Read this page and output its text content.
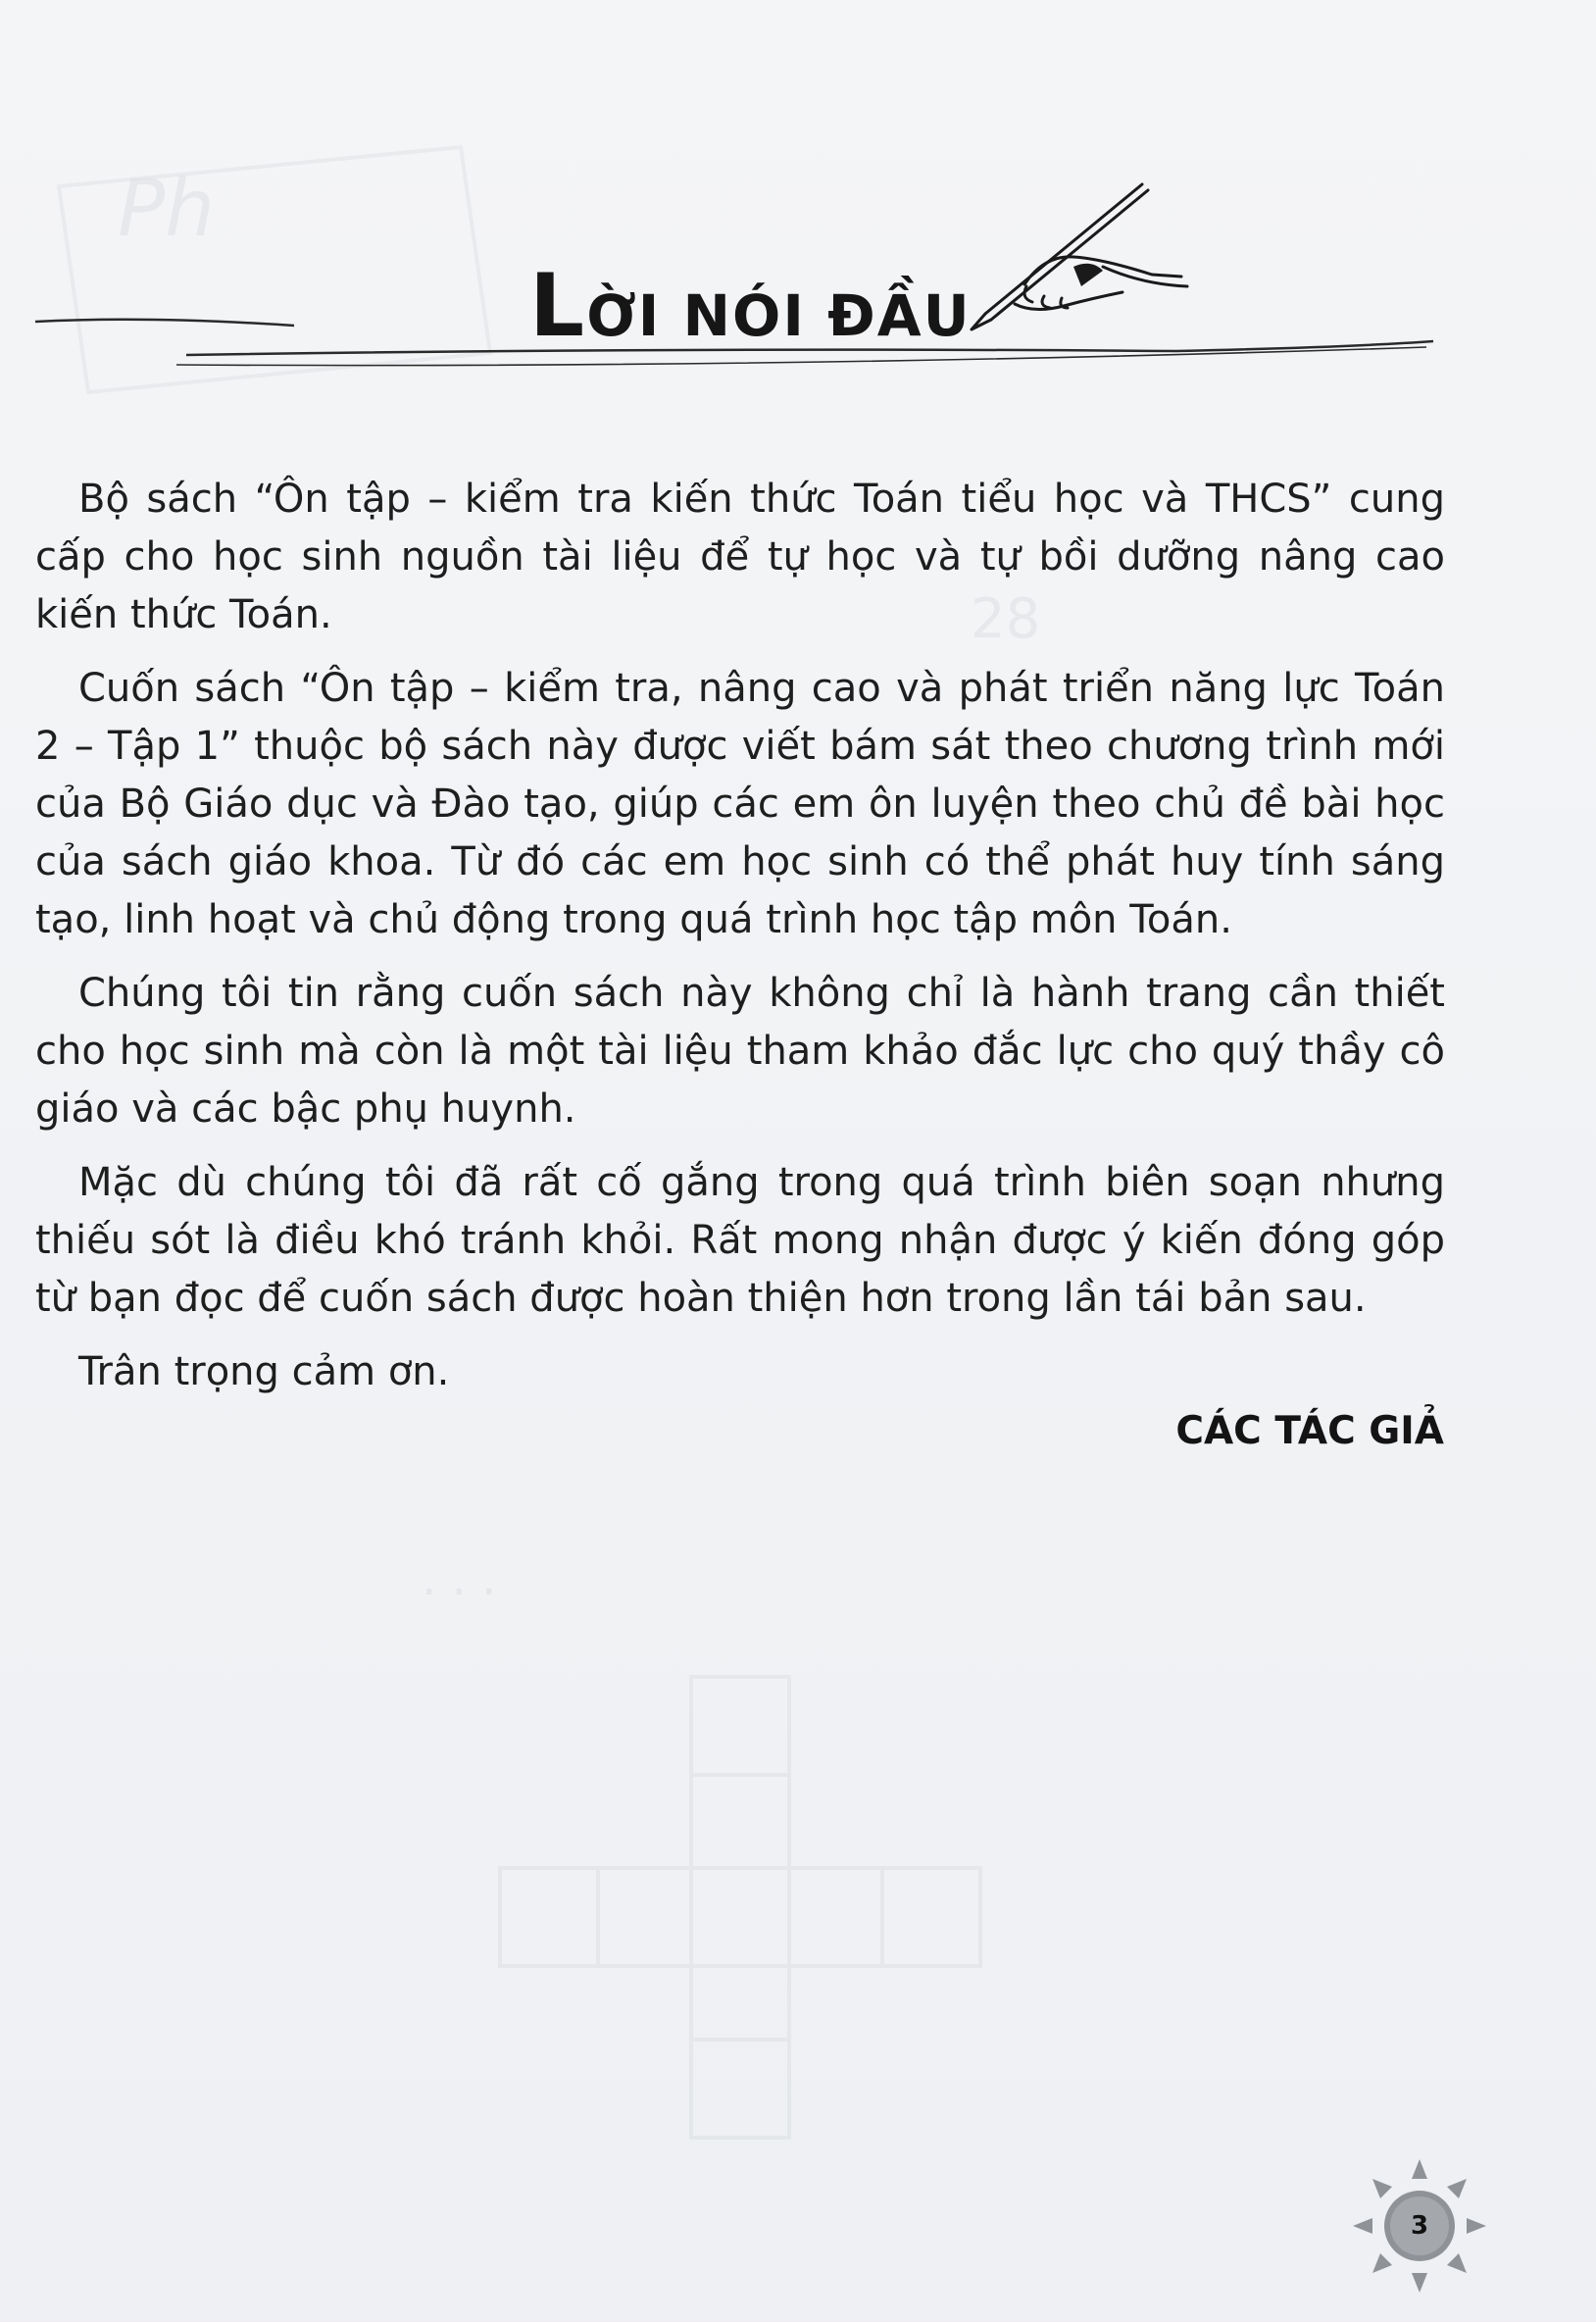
Ph
· · ·
28
LỜI NÓI ĐẦU

Bộ sách “Ôn tập – kiểm tra kiến thức Toán tiểu học và THCS” cung cấp cho học sinh nguồn tài liệu để tự học và tự bồi dưỡng nâng cao kiến thức Toán.

Cuốn sách “Ôn tập – kiểm tra, nâng cao và phát triển năng lực Toán 2 – Tập 1” thuộc bộ sách này được viết bám sát theo chương trình mới của Bộ Giáo dục và Đào tạo, giúp các em ôn luyện theo chủ đề bài học của sách giáo khoa. Từ đó các em học sinh có thể phát huy tính sáng tạo, linh hoạt và chủ động trong quá trình học tập môn Toán.

Chúng tôi tin rằng cuốn sách này không chỉ là hành trang cần thiết cho học sinh mà còn là một tài liệu tham khảo đắc lực cho quý thầy cô giáo và các bậc phụ huynh.

Mặc dù chúng tôi đã rất cố gắng trong quá trình biên soạn nhưng thiếu sót là điều khó tránh khỏi. Rất mong nhận được ý kiến đóng góp từ bạn đọc để cuốn sách được hoàn thiện hơn trong lần tái bản sau.

Trân trọng cảm ơn.

CÁC TÁC GIẢ
3
